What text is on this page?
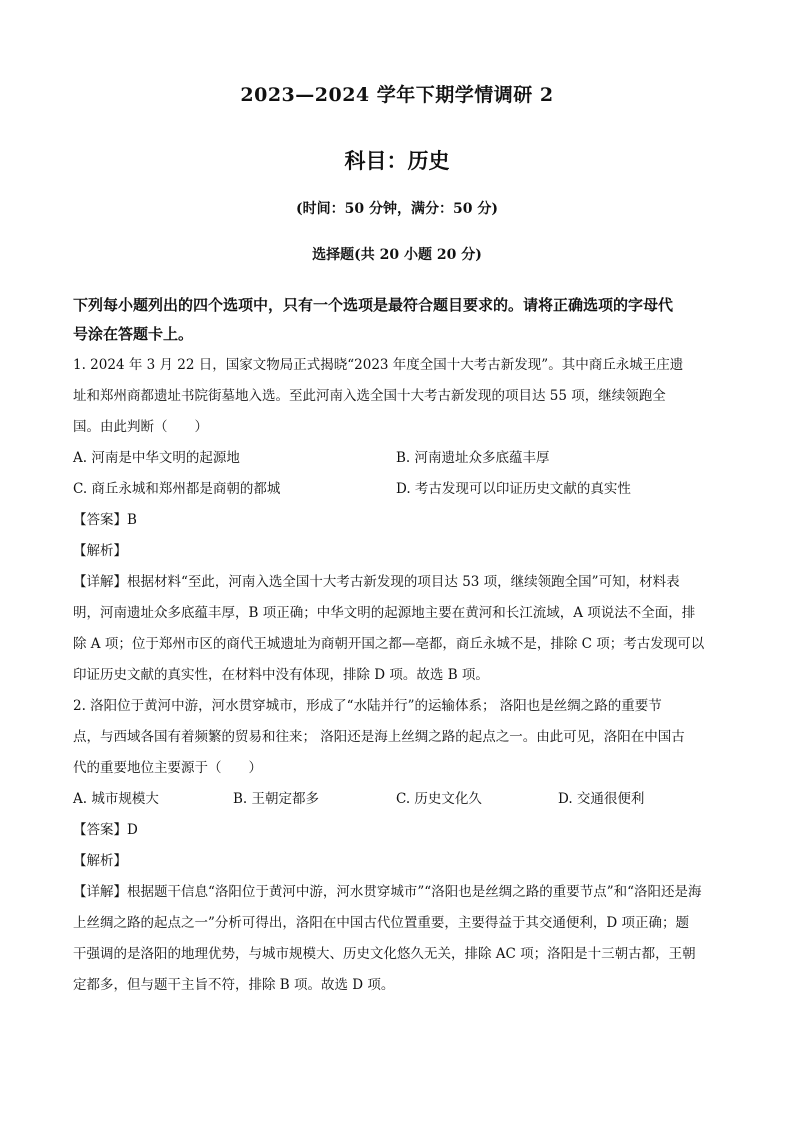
2023—2024 学年下期学情调研 2
科目：历史
(时间：50 分钟，满分：50 分)
选择题(共 20 小题 20 分)
下列每小题列出的四个选项中，只有一个选项是最符合题目要求的。请将正确选项的字母代
号涂在答题卡上。
1. 2024 年 3 月 22 日，国家文物局正式揭晓“2023 年度全国十大考古新发现”。其中商丘永城王庄遗
址和郑州商都遗址书院街墓地入选。至此河南入选全国十大考古新发现的项目达 55 项，继续领跑全
国。由此判断（　　）
A. 河南是中华文明的起源地	B. 河南遗址众多底蕴丰厚
C. 商丘永城和郑州都是商朝的都城	D. 考古发现可以印证历史文献的真实性
【答案】B
【解析】
【详解】根据材料“至此，河南入选全国十大考古新发现的项目达 53 项，继续领跑全国”可知，材料表
明，河南遗址众多底蕴丰厚，B 项正确；中华文明的起源地主要在黄河和长江流域，A 项说法不全面，排
除 A 项；位于郑州市区的商代王城遗址为商朝开国之都—亳都，商丘永城不是，排除 C 项；考古发现可以
印证历史文献的真实性，在材料中没有体现，排除 D 项。故选 B 项。
2. 洛阳位于黄河中游，河水贯穿城市，形成了“水陆并行”的运输体系； 洛阳也是丝绸之路的重要节
点，与西域各国有着频繁的贸易和往来； 洛阳还是海上丝绸之路的起点之一。由此可见，洛阳在中国古
代的重要地位主要源于（　　）
A. 城市规模大	B. 王朝定都多	C. 历史文化久	D. 交通很便利
【答案】D
【解析】
【详解】根据题干信息“洛阳位于黄河中游，河水贯穿城市”“洛阳也是丝绸之路的重要节点”和“洛阳还是海
上丝绸之路的起点之一”分析可得出，洛阳在中国古代位置重要，主要得益于其交通便利，D 项正确；题
干强调的是洛阳的地理优势，与城市规模大、历史文化悠久无关，排除 AC 项；洛阳是十三朝古都，王朝
定都多，但与题干主旨不符，排除 B 项。故选 D 项。
